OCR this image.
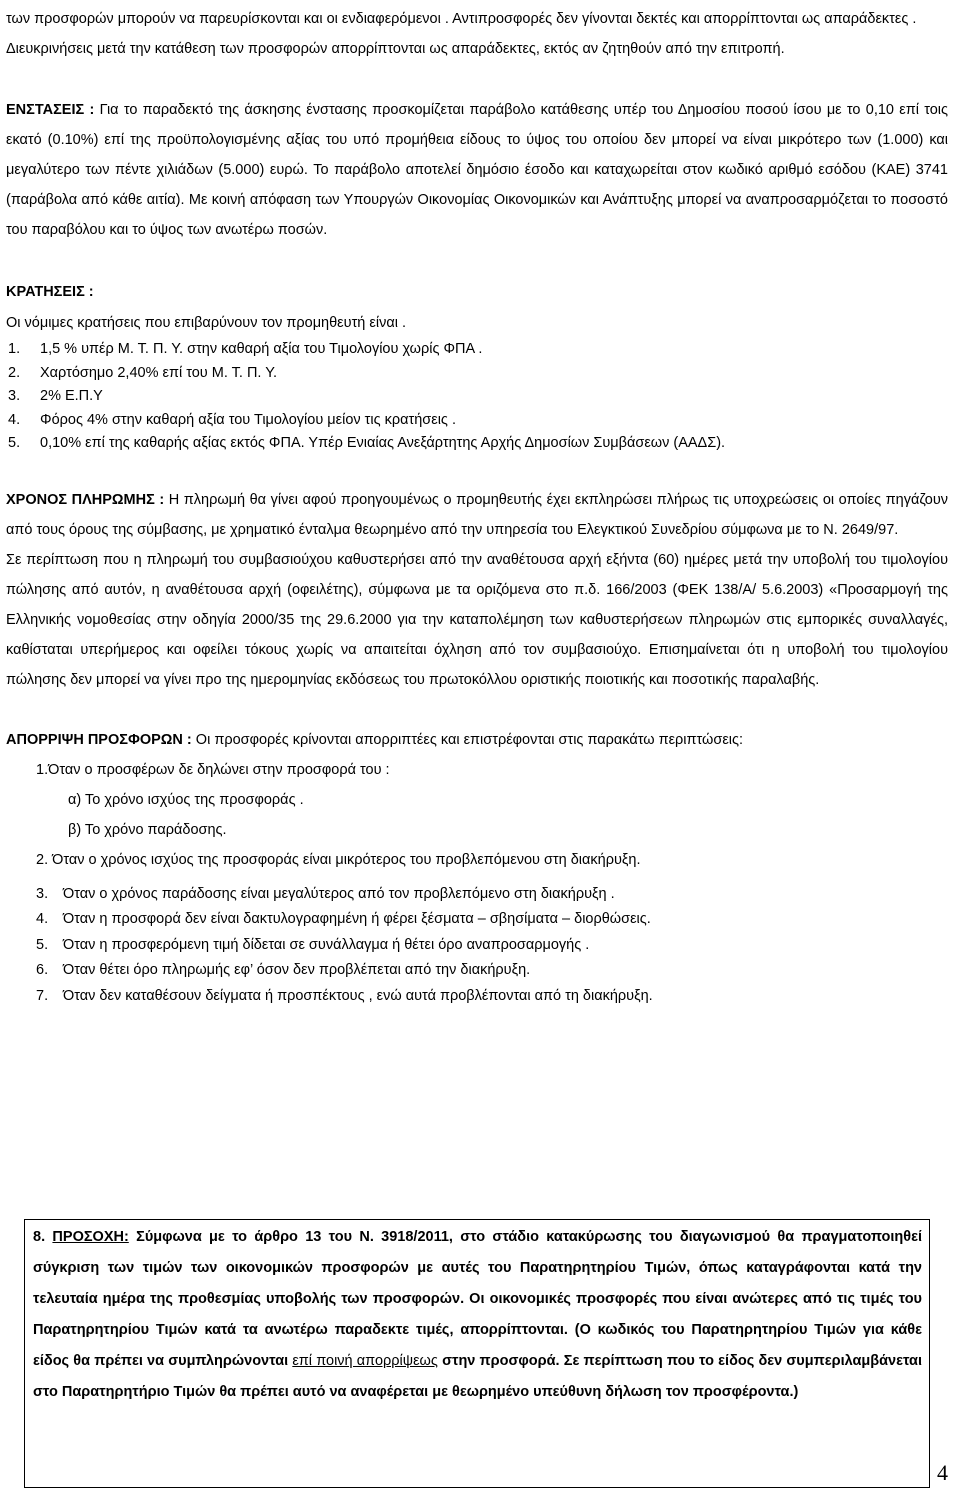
των προσφορών μπορούν να παρευρίσκονται και οι ενδιαφερόμενοι . Αντιπροσφορές δεν γίνονται δεκτές και απορρίπτονται ως απαράδεκτες .
Διευκρινήσεις μετά την κατάθεση των προσφορών απορρίπτονται ως απαράδεκτες, εκτός αν ζητηθούν από την επιτροπή.

ΕΝΣΤΑΣΕΙΣ : Για το παραδεκτό της άσκησης ένστασης προσκομίζεται παράβολο κατάθεσης υπέρ του Δημοσίου ποσού ίσου με το 0,10 επί τοις εκατό (0.10%) επί της προϋπολογισμένης αξίας του υπό προμήθεια είδους το ύψος του οποίου δεν μπορεί να είναι μικρότερο των (1.000) και μεγαλύτερο των πέντε χιλιάδων (5.000) ευρώ. Το παράβολο αποτελεί δημόσιο έσοδο και καταχωρείται στον κωδικό αριθμό εσόδου (ΚΑΕ) 3741 (παράβολα από κάθε αιτία). Με κοινή απόφαση των Υπουργών Οικονομίας Οικονομικών και Ανάπτυξης μπορεί να αναπροσαρμόζεται το ποσοστό του παραβόλου και το ύψος των ανωτέρω ποσών.

ΚΡΑΤΗΣΕΙΣ :

Οι νόμιμες κρατήσεις που επιβαρύνουν τον προμηθευτή είναι .

1.	1,5 % υπέρ Μ. Τ. Π. Υ. στην καθαρή αξία του Τιμολογίου χωρίς ΦΠΑ .
2.	Χαρτόσημο 2,40% επί του Μ. Τ. Π. Υ.
3.	2% Ε.Π.Υ
4.	Φόρος 4% στην καθαρή αξία του Τιμολογίου μείον τις κρατήσεις .
5.	0,10% επί της καθαρής αξίας εκτός ΦΠΑ. Υπέρ Ενιαίας Ανεξάρτητης Αρχής Δημοσίων Συμβάσεων (ΑΑΔΣ).

ΧΡΟΝΟΣ ΠΛΗΡΩΜΗΣ : Η πληρωμή θα γίνει αφού προηγουμένως ο προμηθευτής έχει εκπληρώσει πλήρως τις υποχρεώσεις οι οποίες πηγάζουν από τους όρους της σύμβασης, με χρηματικό ένταλμα θεωρημένο από την υπηρεσία του Ελεγκτικού Συνεδρίου σύμφωνα με το Ν. 2649/97.

Σε περίπτωση που η πληρωμή του συμβασιούχου καθυστερήσει από την αναθέτουσα αρχή εξήντα (60) ημέρες μετά την υποβολή του τιμολογίου πώλησης από αυτόν, η αναθέτουσα αρχή (οφειλέτης), σύμφωνα με τα οριζόμενα στο π.δ. 166/2003 (ΦΕΚ 138/Α/ 5.6.2003) «Προσαρμογή της Ελληνικής νομοθεσίας στην οδηγία 2000/35 της 29.6.2000 για την καταπολέμηση των καθυστερήσεων πληρωμών στις εμπορικές συναλλαγές, καθίσταται υπερήμερος και οφείλει τόκους χωρίς να απαιτείται όχληση από τον συμβασιούχο. Επισημαίνεται ότι η υποβολή του τιμολογίου πώλησης δεν μπορεί να γίνει προ της ημερομηνίας εκδόσεως του πρωτοκόλλου οριστικής ποιοτικής και ποσοτικής παραλαβής.

ΑΠΟΡΡΙΨΗ ΠΡΟΣΦΟΡΩΝ : Οι προσφορές κρίνονται απορριπτέες και επιστρέφονται στις παρακάτω περιπτώσεις:

1.Όταν ο προσφέρων δε δηλώνει στην προσφορά του :
α) Το χρόνο ισχύος της προσφοράς .
β) Το χρόνο παράδοσης.
2. Όταν ο χρόνος ισχύος της προσφοράς είναι μικρότερος του προβλεπόμενου στη διακήρυξη.
3.	Όταν ο χρόνος παράδοσης είναι μεγαλύτερος από τον προβλεπόμενο στη διακήρυξη .
4.	Όταν η προσφορά δεν είναι δακτυλογραφημένη ή φέρει ξέσματα – σβησίματα – διορθώσεις.
5.	Όταν η προσφερόμενη τιμή δίδεται σε συνάλλαγμα ή θέτει όρο αναπροσαρμογής .
6.	Όταν θέτει όρο πληρωμής εφ’ όσον δεν προβλέπεται από την διακήρυξη.
7.	Όταν δεν καταθέσουν δείγματα ή προσπέκτους , ενώ αυτά προβλέπονται από τη διακήρυξη.

8. ΠΡΟΣΟΧΗ: Σύμφωνα με το άρθρο 13 του Ν. 3918/2011, στο στάδιο κατακύρωσης του διαγωνισμού θα πραγματοποιηθεί σύγκριση των τιμών των οικονομικών προσφορών με αυτές του Παρατηρητηρίου Τιμών, όπως καταγράφονται κατά την τελευταία ημέρα της προθεσμίας υποβολής των προσφορών. Οι οικονομικές προσφορές που είναι ανώτερες από τις τιμές του Παρατηρητηρίου Τιμών κατά τα ανωτέρω παραδεκτε τιμές, απορρίπτονται. (Ο κωδικός του Παρατηρητηρίου Τιμών για κάθε είδος θα πρέπει να συμπληρώνονται επί ποινή απορρίψεως στην προσφορά. Σε περίπτωση που το είδος δεν συμπεριλαμβάνεται στο Παρατηρητήριο Τιμών θα πρέπει αυτό να αναφέρεται με θεωρημένο υπεύθυνη δήλωση τον προσφέροντα.)

4
